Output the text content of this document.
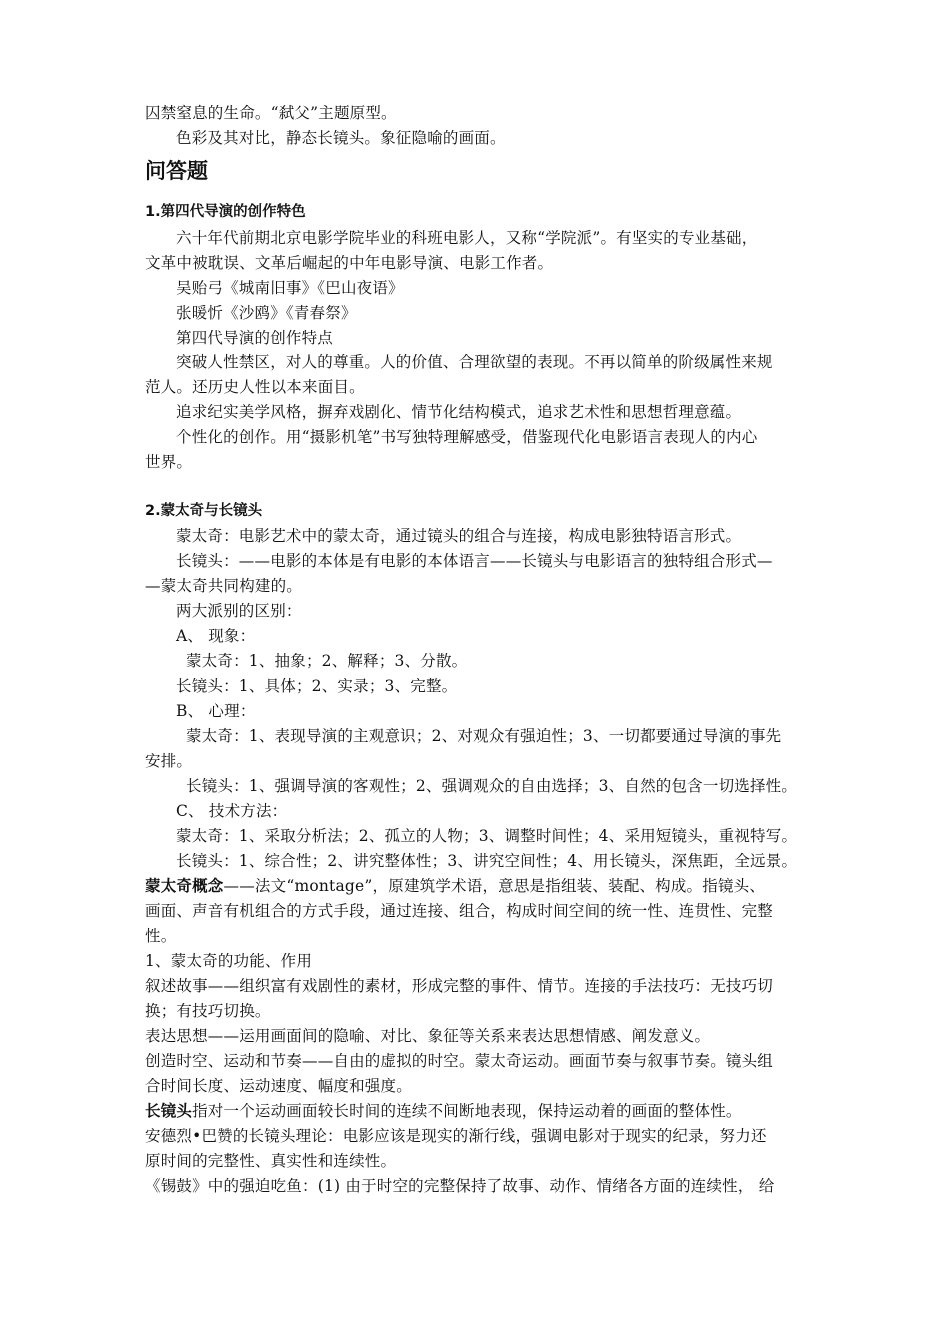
囚禁窒息的生命。“弑父”主题原型。
色彩及其对比，静态长镜头。象征隐喻的画面。
问答题
1.第四代导演的创作特色
六十年代前期北京电影学院毕业的科班电影人，又称“学院派”。有坚实的专业基础，
文革中被耽误、文革后崛起的中年电影导演、电影工作者。
吴贻弓《城南旧事》《巴山夜语》
张暖忻《沙鸥》《青春祭》
第四代导演的创作特点
突破人性禁区，对人的尊重。人的价值、合理欲望的表现。不再以简单的阶级属性来规
范人。还历史人性以本来面目。
追求纪实美学风格，摒弃戏剧化、情节化结构模式，追求艺术性和思想哲理意蕴。
个性化的创作。用“摄影机笔”书写独特理解感受，借鉴现代化电影语言表现人的内心
世界。
2.蒙太奇与长镜头
蒙太奇：电影艺术中的蒙太奇，通过镜头的组合与连接，构成电影独特语言形式。
长镜头：——电影的本体是有电影的本体语言——长镜头与电影语言的独特组合形式—
—蒙太奇共同构建的。
两大派别的区别：
A、 现象：
蒙太奇：1、抽象；2、解释；3、分散。
长镜头：1、具体；2、实录；3、完整。
B、 心理：
蒙太奇：1、表现导演的主观意识；2、对观众有强迫性；3、一切都要通过导演的事先
安排。
长镜头：1、强调导演的客观性；2、强调观众的自由选择；3、自然的包含一切选择性。
C、 技术方法：
蒙太奇：1、采取分析法；2、孤立的人物；3、调整时间性；4、采用短镜头，重视特写。
长镜头：1、综合性；2、讲究整体性；3、讲究空间性；4、用长镜头，深焦距，全远景。
蒙太奇概念——法文“montage”，原建筑学术语，意思是指组装、装配、构成。指镜头、
画面、声音有机组合的方式手段，通过连接、组合，构成时间空间的统一性、连贯性、完整
性。
1、蒙太奇的功能、作用
叙述故事——组织富有戏剧性的素材，形成完整的事件、情节。连接的手法技巧：无技巧切
换；有技巧切换。
表达思想——运用画面间的隐喻、对比、象征等关系来表达思想情感、阐发意义。
创造时空、运动和节奏——自由的虚拟的时空。蒙太奇运动。画面节奏与叙事节奏。镜头组
合时间长度、运动速度、幅度和强度。
长镜头指对一个运动画面较长时间的连续不间断地表现，保持运动着的画面的整体性。
安德烈•巴赞的长镜头理论：电影应该是现实的渐行线，强调电影对于现实的纪录，努力还
原时间的完整性、真实性和连续性。
《锡鼓》中的强迫吃鱼：(1) 由于时空的完整保持了故事、动作、情绪各方面的连续性， 给
